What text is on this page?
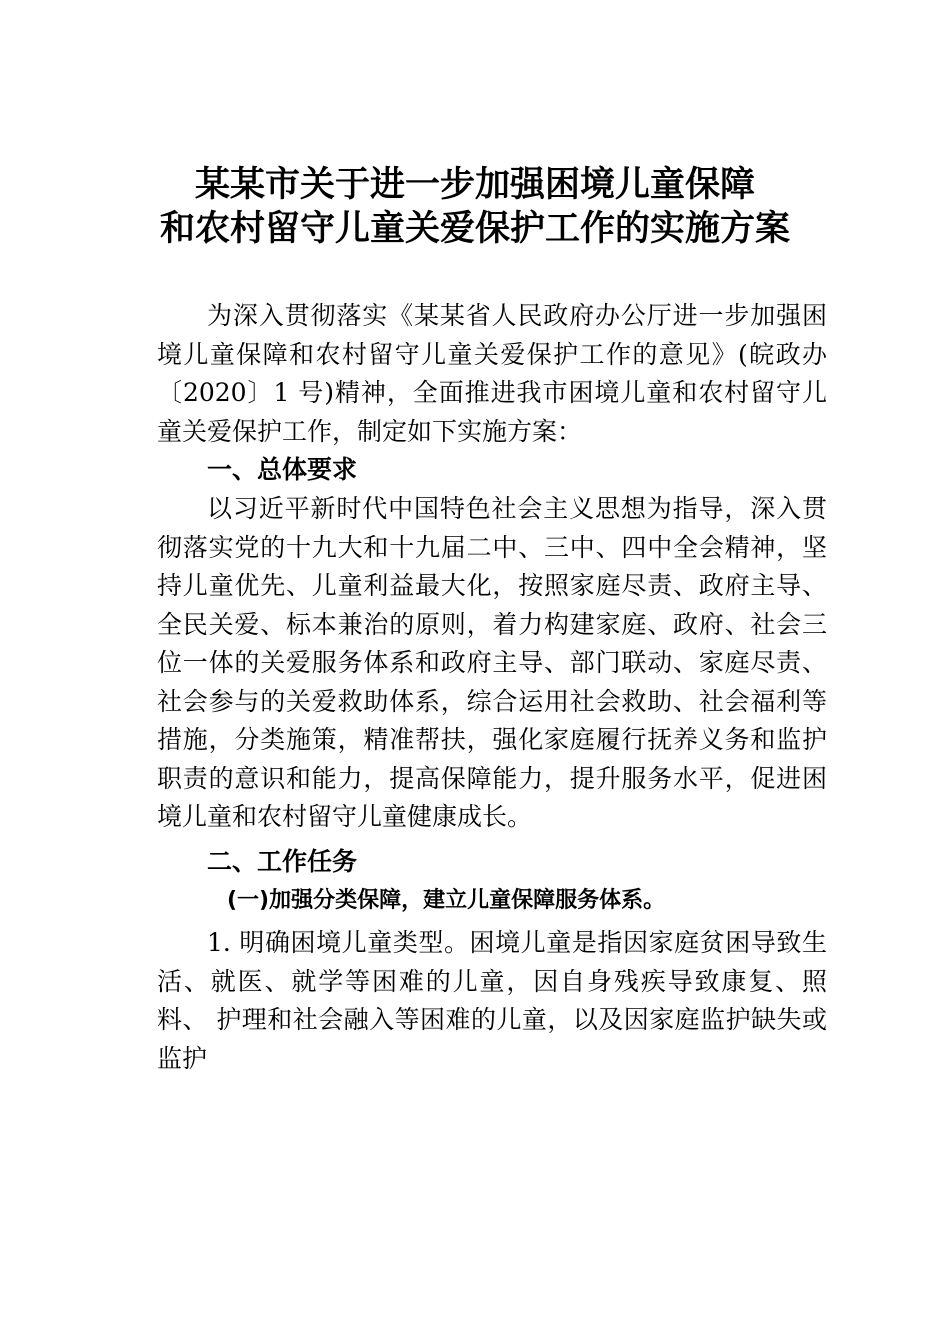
某某市关于进一步加强困境儿童保障
和农村留守儿童关爱保护工作的实施方案

为深入贯彻落实《某某省人民政府办公厅进一步加强困境儿童保障和农村留守儿童关爱保护工作的意见》(皖政办〔2020〕1 号)精神，全面推进我市困境儿童和农村留守儿童关爱保护工作，制定如下实施方案：

一、总体要求

以习近平新时代中国特色社会主义思想为指导，深入贯彻落实党的十九大和十九届二中、三中、四中全会精神，坚持儿童优先、儿童利益最大化，按照家庭尽责、政府主导、全民关爱、标本兼治的原则，着力构建家庭、政府、社会三位一体的关爱服务体系和政府主导、部门联动、家庭尽责、社会参与的关爱救助体系，综合运用社会救助、社会福利等措施，分类施策，精准帮扶，强化家庭履行抚养义务和监护职责的意识和能力，提高保障能力，提升服务水平，促进困境儿童和农村留守儿童健康成长。

二、工作任务
(一)加强分类保障，建立儿童保障服务体系。

1. 明确困境儿童类型。困境儿童是指因家庭贫困导致生活、就医、就学等困难的儿童，因自身残疾导致康复、照料、 护理和社会融入等困难的儿童，以及因家庭监护缺失或监护
